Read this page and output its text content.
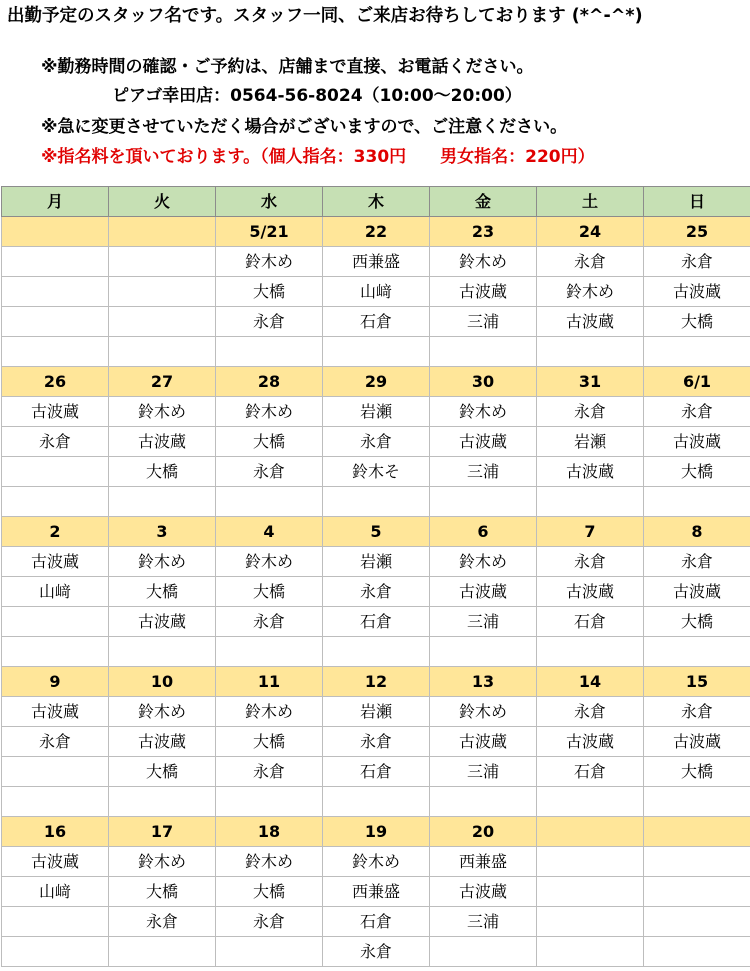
出勤予定のスタッフ名です。スタッフ一同、ご来店お待ちしております (*^-^*)
※勤務時間の確認・ご予約は、店舗まで直接、お電話ください。
ピアゴ幸田店：0564-56-8024（10:00〜20:00）
※急に変更させていただく場合がございますので、ご注意ください。
※指名料を頂いております。（個人指名：330円　　男女指名：220円）
月	火	水	木	金	土	日
		5/21	22	23	24	25
		鈴木め	西兼盛	鈴木め	永倉	永倉
		大橋	山﨑	古波蔵	鈴木め	古波蔵
		永倉	石倉	三浦	古波蔵	大橋

26	27	28	29	30	31	6/1
古波蔵	鈴木め	鈴木め	岩瀬	鈴木め	永倉	永倉
永倉	古波蔵	大橋	永倉	古波蔵	岩瀬	古波蔵
	大橋	永倉	鈴木そ	三浦	古波蔵	大橋

2	3	4	5	6	7	8
古波蔵	鈴木め	鈴木め	岩瀬	鈴木め	永倉	永倉
山﨑	大橋	大橋	永倉	古波蔵	古波蔵	古波蔵
	古波蔵	永倉	石倉	三浦	石倉	大橋

9	10	11	12	13	14	15
古波蔵	鈴木め	鈴木め	岩瀬	鈴木め	永倉	永倉
永倉	古波蔵	大橋	永倉	古波蔵	古波蔵	古波蔵
	大橋	永倉	石倉	三浦	石倉	大橋

16	17	18	19	20		
古波蔵	鈴木め	鈴木め	鈴木め	西兼盛		
山﨑	大橋	大橋	西兼盛	古波蔵		
	永倉	永倉	石倉	三浦		
			永倉			
